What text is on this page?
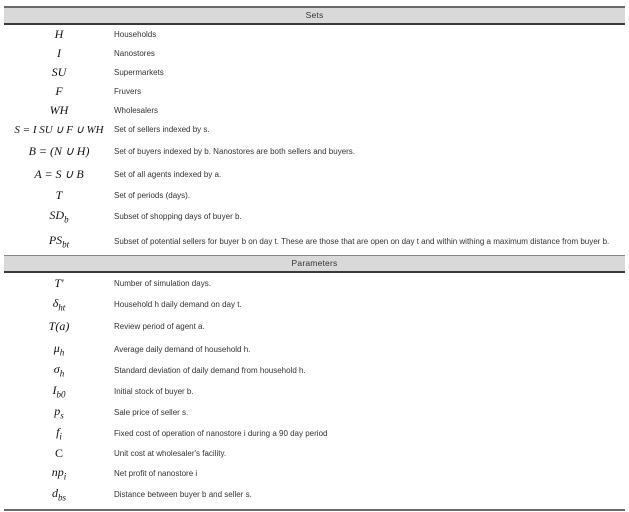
Sets
H	Households
I	Nanostores
SU	Supermarkets
F	Fruvers
WH	Wholesalers
S = I SU ∪ F ∪ WH	Set of sellers indexed by s.
B = (N ∪ H)	Set of buyers indexed by b. Nanostores are both sellers and buyers.
A = S ∪ B	Set of all agents indexed by a.
T	Set of periods (days).
$SD_b$	Subset of shopping days of buyer b.
$PS_{bt}$	Subset of potential sellers for buyer b on day t. These are those that are open on day t and within withing a maximum distance from buyer b.
Parameters
T'	Number of simulation days.
$\delta_{ht}$	Household h daily demand on day t.
T(a)	Review period of agent a.
$\mu_h$	Average daily demand of household h.
$\sigma_h$	Standard deviation of daily demand from household h.
$I_{b0}$	Initial stock of buyer b.
$p_s$	Sale price of seller s.
$f_i$	Fixed cost of operation of nanostore i during a 90 day period
C	Unit cost at wholesaler's facility.
$np_i$	Net profit of nanostore i
$d_{bs}$	Distance between buyer b and seller s.
